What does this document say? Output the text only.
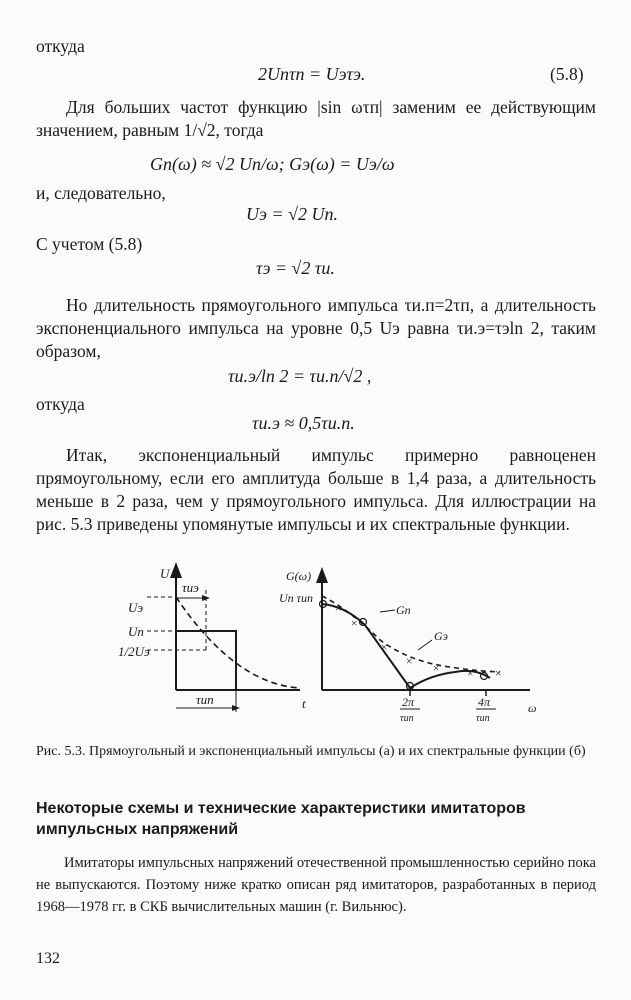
откуда
2Uпτп = Uэτэ.	(5.8)
Для больших частот функцию |sin ωτп| заменим ее действующим значением, равным 1/√2, тогда
Gп(ω) ≈ √2 Uп/ω; Gэ(ω) = Uэ/ω
и, следовательно,
Uэ = √2 Uп.
С учетом (5.8)
τэ = √2 τи.
Но длительность прямоугольного импульса τи.п=2τп, а длительность экспоненциального импульса на уровне 0,5 Uэ равна τи.э=τэln 2, таким образом,
τи.э/ln 2 = τи.п/√2 ,
откуда
τи.э ≈ 0,5τи.п.
Итак, экспоненциальный импульс примерно равноценен прямоугольному, если его амплитуда больше в 1,4 раза, а длительность меньше в 2 раза, чем у прямоугольного импульса. Для иллюстрации на рис. 5.3 приведены упомянутые импульсы и их спектральные функции.
U
t
Uэ
Uп
1/2Uэ
τиэ
τип
×
×
×
× × × ×
G(ω)
ω
Uп τип
Gп
Gэ
2π
τип
4π
τип
Рис. 5.3. Прямоугольный и экспоненциальный импульсы (а) и их спектральные функции (б)
Некоторые схемы и технические характеристики имитаторов импульсных напряжений
Имитаторы импульсных напряжений отечественной промышленностью серийно пока не выпускаются. Поэтому ниже кратко описан ряд имитаторов, разработанных в период 1968—1978 гг. в СКБ вычислительных машин (г. Вильнюс).
132
